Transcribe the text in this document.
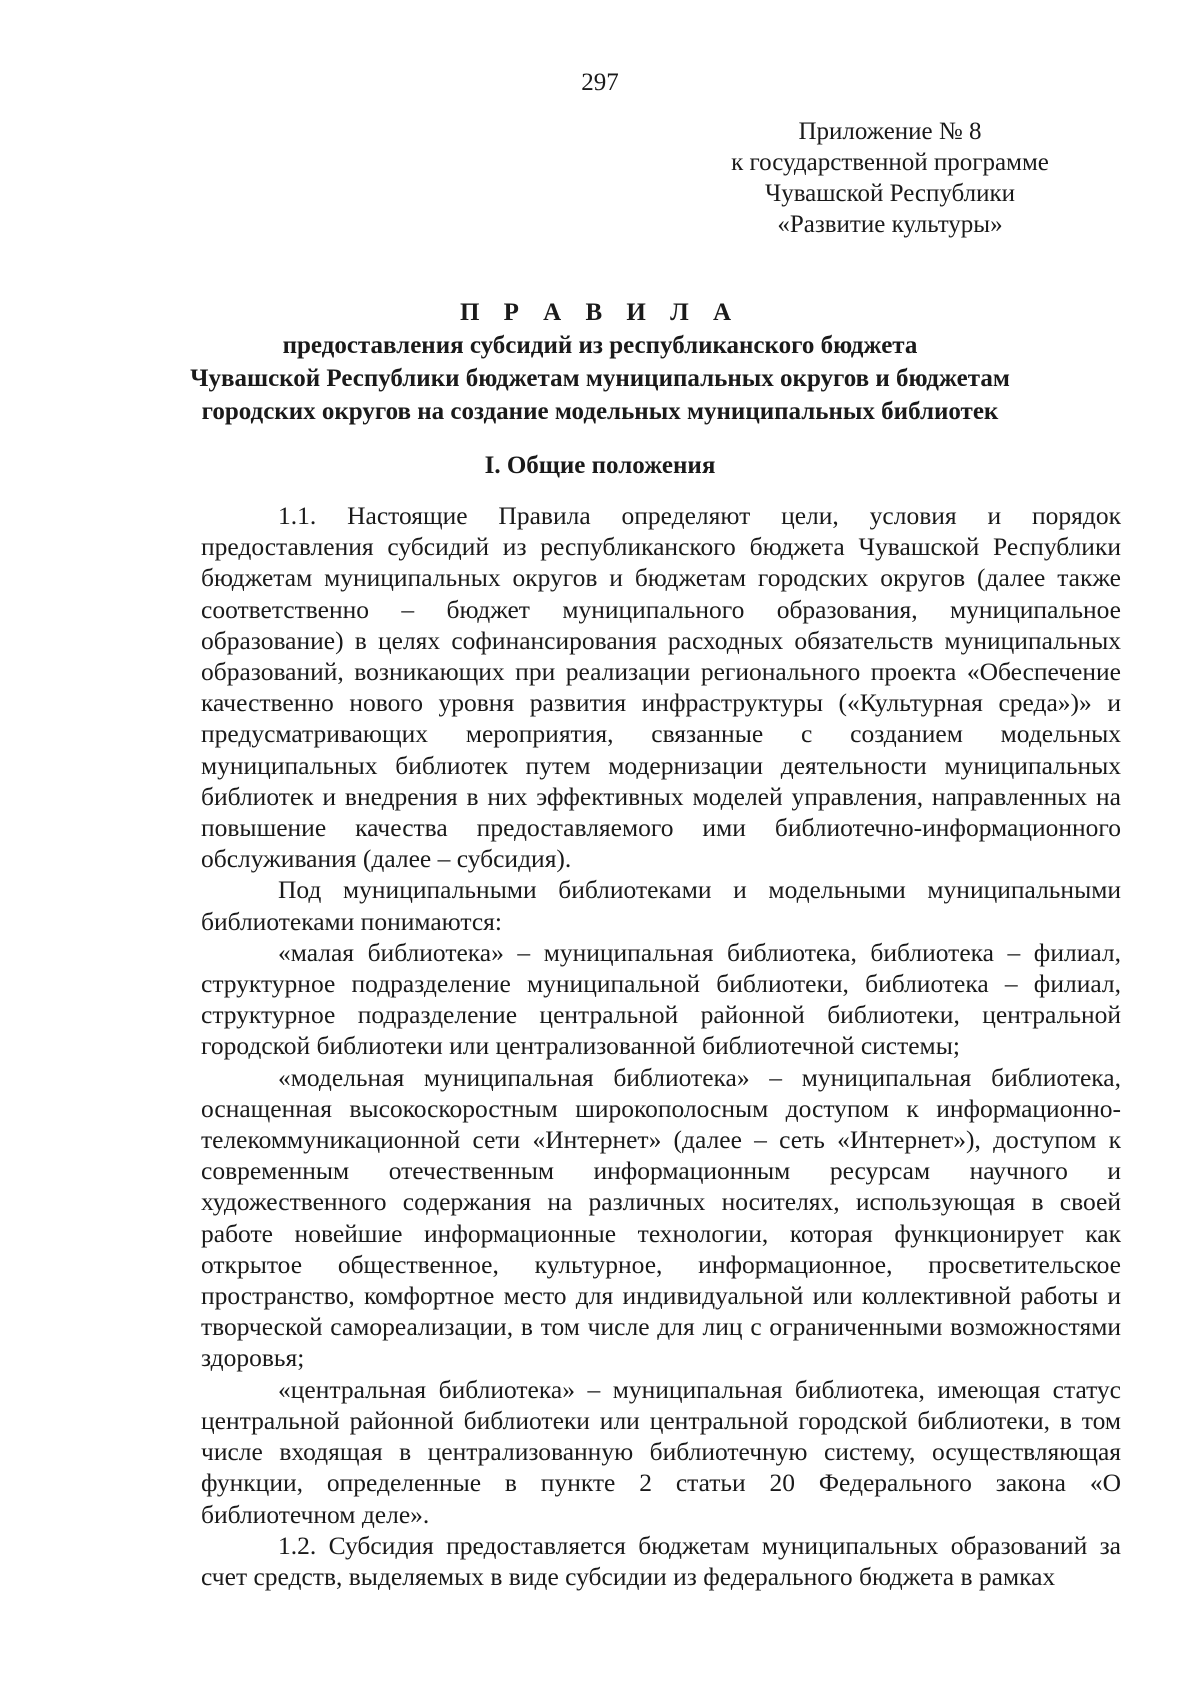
297
Приложение № 8
к государственной программе
Чувашской Республики
«Развитие культуры»
П Р А В И Л А
предоставления субсидий из республиканского бюджета
Чувашской Республики бюджетам муниципальных округов и бюджетам
городских округов на создание модельных муниципальных библиотек
I. Общие положения

1.1. Настоящие Правила определяют цели, условия и порядок предоставления субсидий из республиканского бюджета Чувашской Республики бюджетам муниципальных округов и бюджетам городских округов (далее также соответственно – бюджет муниципального образования, муниципальное образование) в целях софинансирования расходных обязательств муниципальных образований, возникающих при реализации регионального проекта «Обеспечение качественно нового уровня развития инфраструктуры («Культурная среда»)» и предусматривающих мероприятия, связанные с созданием модельных муниципальных библиотек путем модернизации деятельности муниципальных библиотек и внедрения в них эффективных моделей управления, направленных на повышение качества предоставляемого ими библиотечно-информационного обслуживания (далее – субсидия).

Под муниципальными библиотеками и модельными муниципальными библиотеками понимаются:

«малая библиотека» – муниципальная библиотека, библиотека – филиал, структурное подразделение муниципальной библиотеки, библиотека – филиал, структурное подразделение центральной районной библиотеки, центральной городской библиотеки или централизованной библиотечной системы;

«модельная муниципальная библиотека» – муниципальная библиотека, оснащенная высокоскоростным широкополосным доступом к информационно-телекоммуникационной сети «Интернет» (далее – сеть «Интернет»), доступом к современным отечественным информационным ресурсам научного и художественного содержания на различных носителях, использующая в своей работе новейшие информационные технологии, которая функционирует как открытое общественное, культурное, информационное, просветительское пространство, комфортное место для индивидуальной или коллективной работы и творческой самореализации, в том числе для лиц с ограниченными возможностями здоровья;

«центральная библиотека» – муниципальная библиотека, имеющая статус центральной районной библиотеки или центральной городской библиотеки, в том числе входящая в централизованную библиотечную систему, осуществляющая функции, определенные в пункте 2 статьи 20 Федерального закона «О библиотечном деле».

1.2. Субсидия предоставляется бюджетам муниципальных образований за счет средств, выделяемых в виде субсидии из федерального бюджета в рамках
